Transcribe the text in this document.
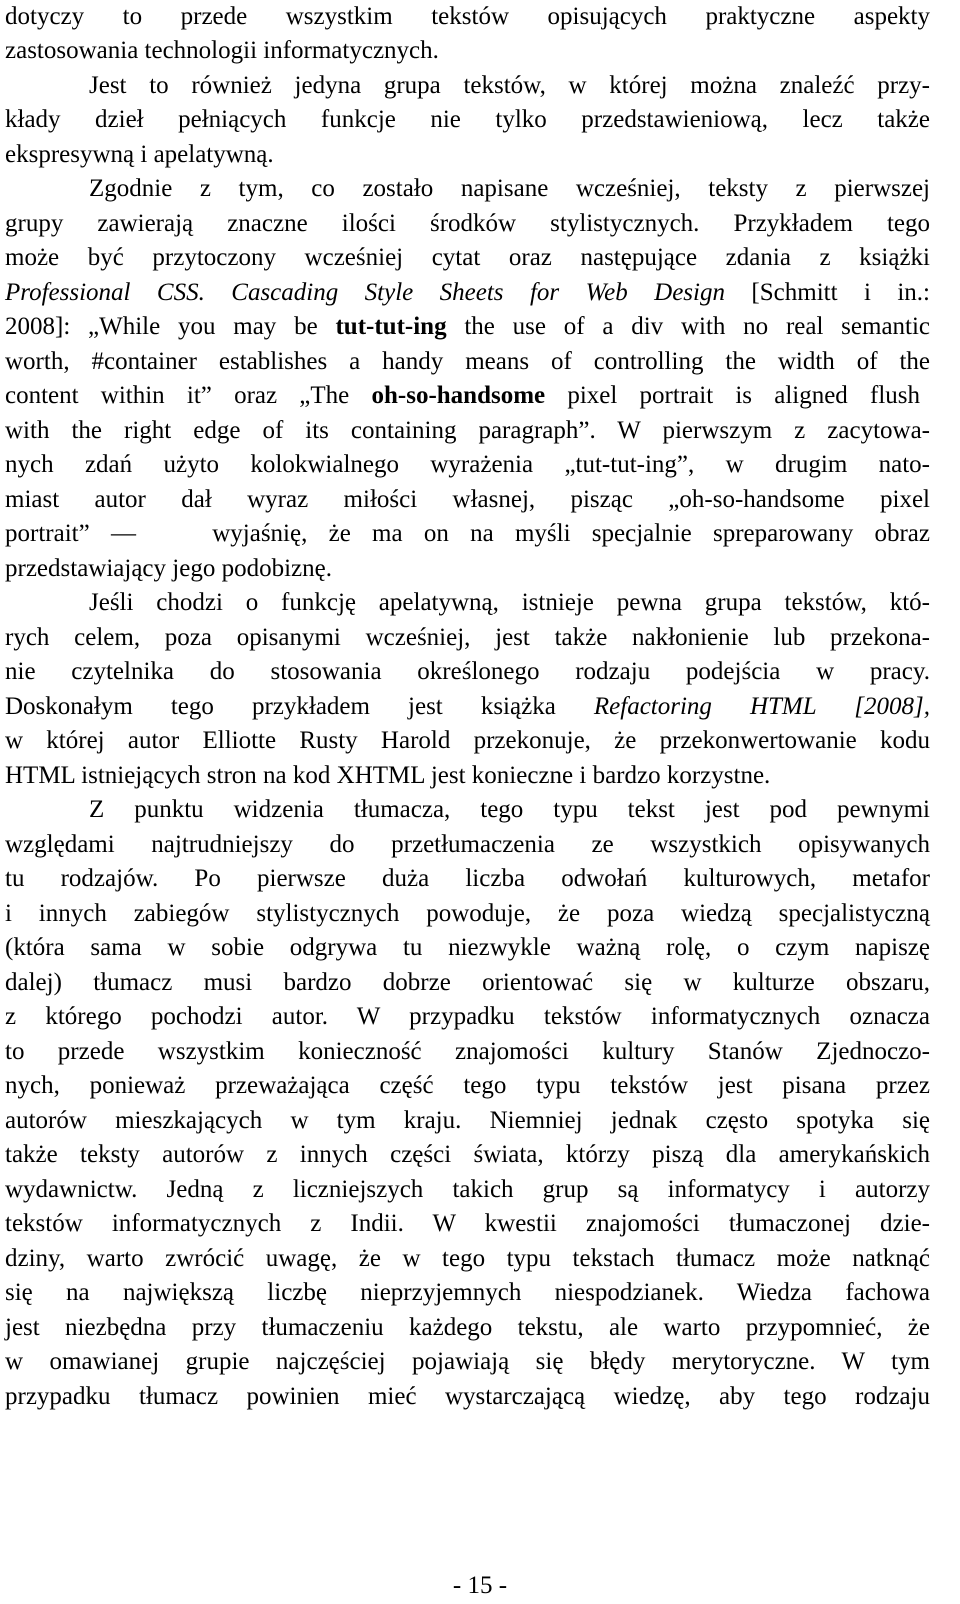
dotyczy to przede wszystkim tekstów opisujących praktyczne aspekty
zastosowania technologii informatycznych.
Jest to również jedyna grupa tekstów, w której można znaleźć przy-
kłady dzieł pełniących funkcje nie tylko przedstawieniową, lecz także
ekspresywną i apelatywną.
Zgodnie z tym, co zostało napisane wcześniej, teksty z pierwszej
grupy zawierają znaczne ilości środków stylistycznych. Przykładem tego
może być przytoczony wcześniej cytat oraz następujące zdania z książki
Professional CSS. Cascading Style Sheets for Web Design [Schmitt i in.:
2008]: „While you may be tut-tut-ing the use of a div with no real semantic
worth, #container establishes a handy means of controlling the width of the
content within it” oraz „The oh-so-handsome pixel portrait is aligned flush
with the right edge of its containing paragraph”. W pierwszym z zacytowa-
nych zdań użyto kolokwialnego wyrażenia „tut-tut-ing”, w drugim nato-
miast autor dał wyraz miłości własnej, pisząc „oh-so-handsome pixel
portrait” —	wyjaśnię, że ma on na myśli specjalnie spreparowany obraz
przedstawiający jego podobiznę.
Jeśli chodzi o funkcję apelatywną, istnieje pewna grupa tekstów, któ-
rych celem, poza opisanymi wcześniej, jest także nakłonienie lub przekona-
nie czytelnika do stosowania określonego rodzaju podejścia w pracy.
Doskonałym tego przykładem jest książka Refactoring HTML [2008],
w której autor Elliotte Rusty Harold przekonuje, że przekonwertowanie kodu
HTML istniejących stron na kod XHTML jest konieczne i bardzo korzystne.
Z punktu widzenia tłumacza, tego typu tekst jest pod pewnymi
względami najtrudniejszy do przetłumaczenia ze wszystkich opisywanych
tu rodzajów. Po pierwsze duża liczba odwołań kulturowych, metafor
i innych zabiegów stylistycznych powoduje, że poza wiedzą specjalistyczną
(która sama w sobie odgrywa tu niezwykle ważną rolę, o czym napiszę
dalej) tłumacz musi bardzo dobrze orientować się w kulturze obszaru,
z którego pochodzi autor. W przypadku tekstów informatycznych oznacza
to przede wszystkim konieczność znajomości kultury Stanów Zjednoczo-
nych, ponieważ przeważająca część tego typu tekstów jest pisana przez
autorów mieszkających w tym kraju. Niemniej jednak często spotyka się
także teksty autorów z innych części świata, którzy piszą dla amerykańskich
wydawnictw. Jedną z liczniejszych takich grup są informatycy i autorzy
tekstów informatycznych z Indii. W kwestii znajomości tłumaczonej dzie-
dziny, warto zwrócić uwagę, że w tego typu tekstach tłumacz może natknąć
się na największą liczbę nieprzyjemnych niespodzianek. Wiedza fachowa
jest niezbędna przy tłumaczeniu każdego tekstu, ale warto przypomnieć, że
w omawianej grupie najczęściej pojawiają się błędy merytoryczne. W tym
przypadku tłumacz powinien mieć wystarczającą wiedzę, aby tego rodzaju
- 15 -
